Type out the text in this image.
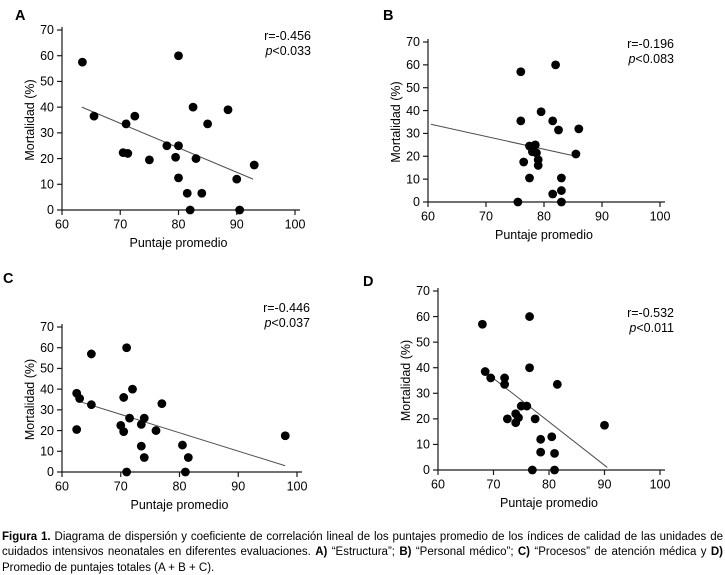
A
0
10
20
30
40
50
60
70
60	70	80	90	100
Mortalidad (%)
Puntaje promedio
r=-0.456
p<0.033
B
0
10
20
30
40
50
60
70
60	70	80	90	100
Mortalidad (%)
Puntaje promedio
r=-0.196
p<0.083
C
0
10
20
30
40
50
60
70
60	70	80	90	100
Mortalidad (%)
Puntaje promedio
r=-0.446
p<0.037
D
0
10
20
30
40
50
60
70
60	70	80	90	100
Mortalidad (%)
Puntaje promedio
r=-0.532
p<0.011
Figura 1. Diagrama de dispersión y coeficiente de correlación lineal de los puntajes promedio de los índices de calidad de las unidades de cuidados intensivos neonatales en diferentes evaluaciones. A) “Estructura”; B) “Personal médico”; C) “Procesos” de atención médica y D) Promedio de puntajes totales (A + B + C).
